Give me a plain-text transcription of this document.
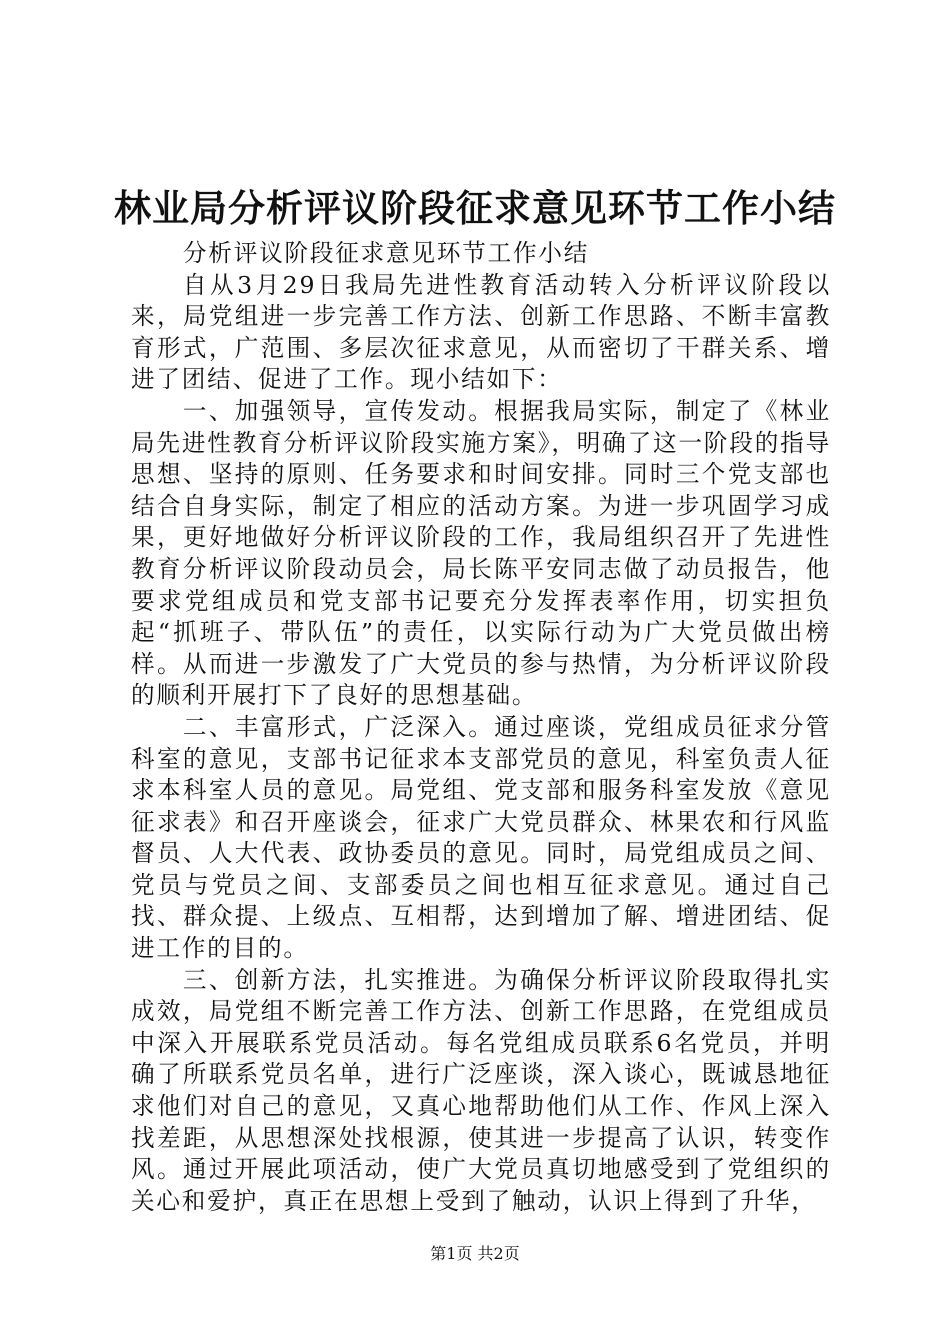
林业局分析评议阶段征求意见环节工作小结

分析评议阶段征求意见环节工作小结

自从3月29日我局先进性教育活动转入分析评议阶段以来，局党组进一步完善工作方法、创新工作思路、不断丰富教育形式，广范围、多层次征求意见，从而密切了干群关系、增进了团结、促进了工作。现小结如下：

一、加强领导，宣传发动。根据我局实际，制定了《林业局先进性教育分析评议阶段实施方案》，明确了这一阶段的指导思想、坚持的原则、任务要求和时间安排。同时三个党支部也结合自身实际，制定了相应的活动方案。为进一步巩固学习成果，更好地做好分析评议阶段的工作，我局组织召开了先进性教育分析评议阶段动员会，局长陈平安同志做了动员报告，他要求党组成员和党支部书记要充分发挥表率作用，切实担负起“抓班子、带队伍”的责任，以实际行动为广大党员做出榜样。从而进一步激发了广大党员的参与热情，为分析评议阶段的顺利开展打下了良好的思想基础。

二、丰富形式，广泛深入。通过座谈，党组成员征求分管科室的意见，支部书记征求本支部党员的意见，科室负责人征求本科室人员的意见。局党组、党支部和服务科室发放《意见征求表》和召开座谈会，征求广大党员群众、林果农和行风监督员、人大代表、政协委员的意见。同时，局党组成员之间、党员与党员之间、支部委员之间也相互征求意见。通过自己找、群众提、上级点、互相帮，达到增加了解、增进团结、促进工作的目的。

三、创新方法，扎实推进。为确保分析评议阶段取得扎实成效，局党组不断完善工作方法、创新工作思路，在党组成员中深入开展联系党员活动。每名党组成员联系6名党员，并明确了所联系党员名单，进行广泛座谈，深入谈心，既诚恳地征求他们对自己的意见，又真心地帮助他们从工作、作风上深入找差距，从思想深处找根源，使其进一步提高了认识，转变作风。通过开展此项活动，使广大党员真切地感受到了党组织的关心和爱护，真正在思想上受到了触动，认识上得到了升华，

第1页 共2页
